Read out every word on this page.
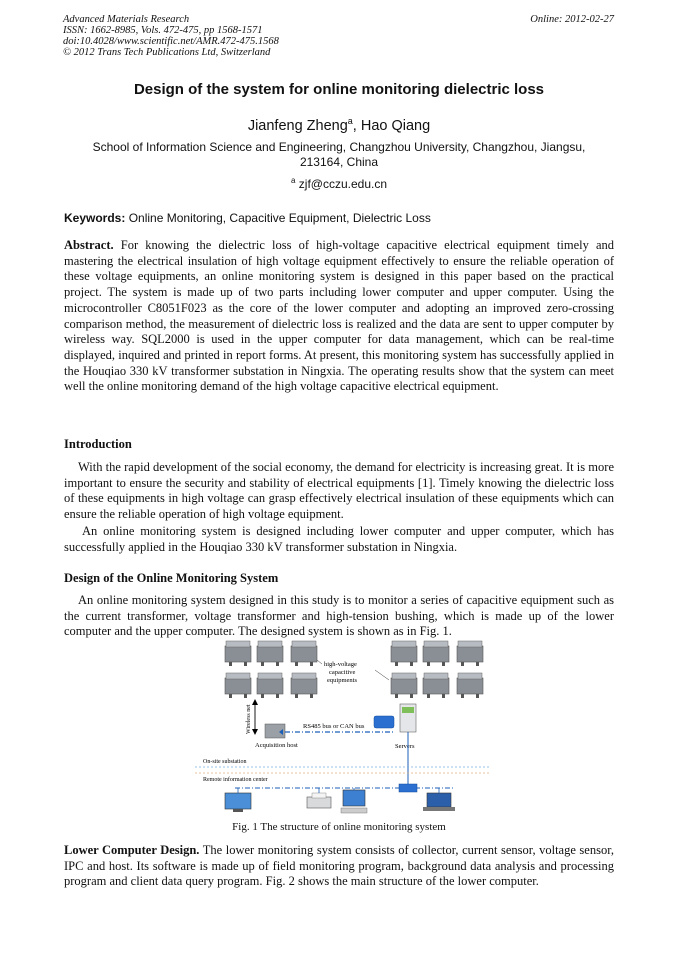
Advanced Materials Research
ISSN: 1662-8985, Vols. 472-475, pp 1568-1571
doi:10.4028/www.scientific.net/AMR.472-475.1568
© 2012 Trans Tech Publications Ltd, Switzerland
Online: 2012-02-27
Design of the system for online monitoring dielectric loss
Jianfeng Zheng$^a$, Hao Qiang
School of Information Science and Engineering, Changzhou University, Changzhou, Jiangsu, 213164, China
$^a$ zjf@cczu.edu.cn
Keywords: Online Monitoring, Capacitive Equipment, Dielectric Loss
Abstract. For knowing the dielectric loss of high-voltage capacitive electrical equipment timely and mastering the electrical insulation of high voltage equipment effectively to ensure the reliable operation of these voltage equipments, an online monitoring system is designed in this paper based on the practical project. The system is made up of two parts including lower computer and upper computer. Using the microcontroller C8051F023 as the core of the lower computer and adopting an improved zero-crossing comparison method, the measurement of dielectric loss is realized and the data are sent to upper computer by wireless way. SQL2000 is used in the upper computer for data management, which can be real-time displayed, inquired and printed in report forms. At present, this monitoring system has successfully applied in the Houqiao 330 kV transformer substation in Ningxia. The operating results show that the system can meet well the online monitoring demand of the high voltage capacitive electrical equipment.
Introduction
With the rapid development of the social economy, the demand for electricity is increasing great. It is more important to ensure the security and stability of electrical equipments [1]. Timely knowing the dielectric loss of these equipments in high voltage can grasp effectively electrical insulation of these equipments which can ensure the reliable operation of high voltage equipment.
An online monitoring system is designed including lower computer and upper computer, which has successfully applied in the Houqiao 330 kV transformer substation in Ningxia.
Design of the Online Monitoring System
An online monitoring system designed in this study is to monitor a series of capacitive equipment such as the current transformer, voltage transformer and high-tension bushing, which is made up of the lower computer and the upper computer. The designed system is shown as in Fig. 1.
high-voltage
capacitive
equipments
Wireless net
Acquisition host
RS485 bus or CAN bus
Servers
On-site substation
Remote information center
Fig. 1 The structure of online monitoring system
Lower Computer Design. The lower monitoring system consists of collector, current sensor, voltage sensor, IPC and host. Its software is made up of field monitoring program, background data analysis and processing program and client data query program. Fig. 2 shows the main structure of the lower computer.
